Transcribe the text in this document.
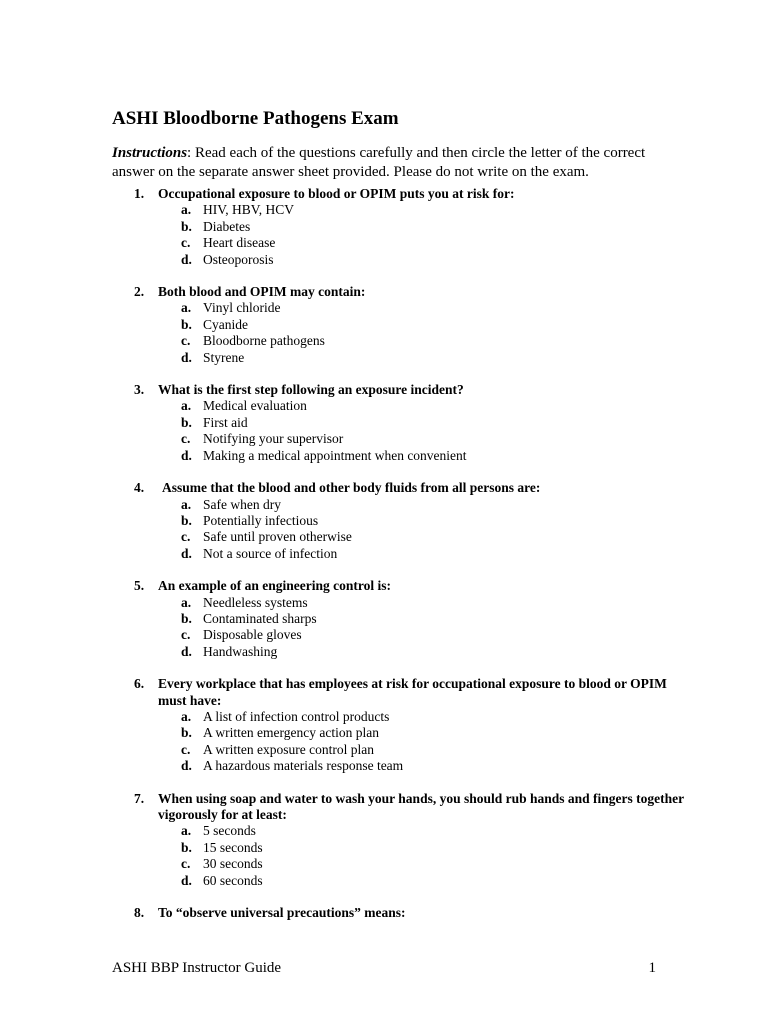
ASHI Bloodborne Pathogens Exam
Instructions: Read each of the questions carefully and then circle the letter of the correct answer on the separate answer sheet provided. Please do not write on the exam.
1. Occupational exposure to blood or OPIM puts you at risk for:
a. HIV, HBV, HCV
b. Diabetes
c. Heart disease
d. Osteoporosis
2. Both blood and OPIM may contain:
a. Vinyl chloride
b. Cyanide
c. Bloodborne pathogens
d. Styrene
3. What is the first step following an exposure incident?
a. Medical evaluation
b. First aid
c. Notifying your supervisor
d. Making a medical appointment when convenient
4. Assume that the blood and other body fluids from all persons are:
a. Safe when dry
b. Potentially infectious
c. Safe until proven otherwise
d. Not a source of infection
5. An example of an engineering control is:
a. Needleless systems
b. Contaminated sharps
c. Disposable gloves
d. Handwashing
6. Every workplace that has employees at risk for occupational exposure to blood or OPIM must have:
a. A list of infection control products
b. A written emergency action plan
c. A written exposure control plan
d. A hazardous materials response team
7. When using soap and water to wash your hands, you should rub hands and fingers together vigorously for at least:
a. 5 seconds
b. 15 seconds
c. 30 seconds
d. 60 seconds
8. To “observe universal precautions” means:
ASHI BBP Instructor Guide	1
